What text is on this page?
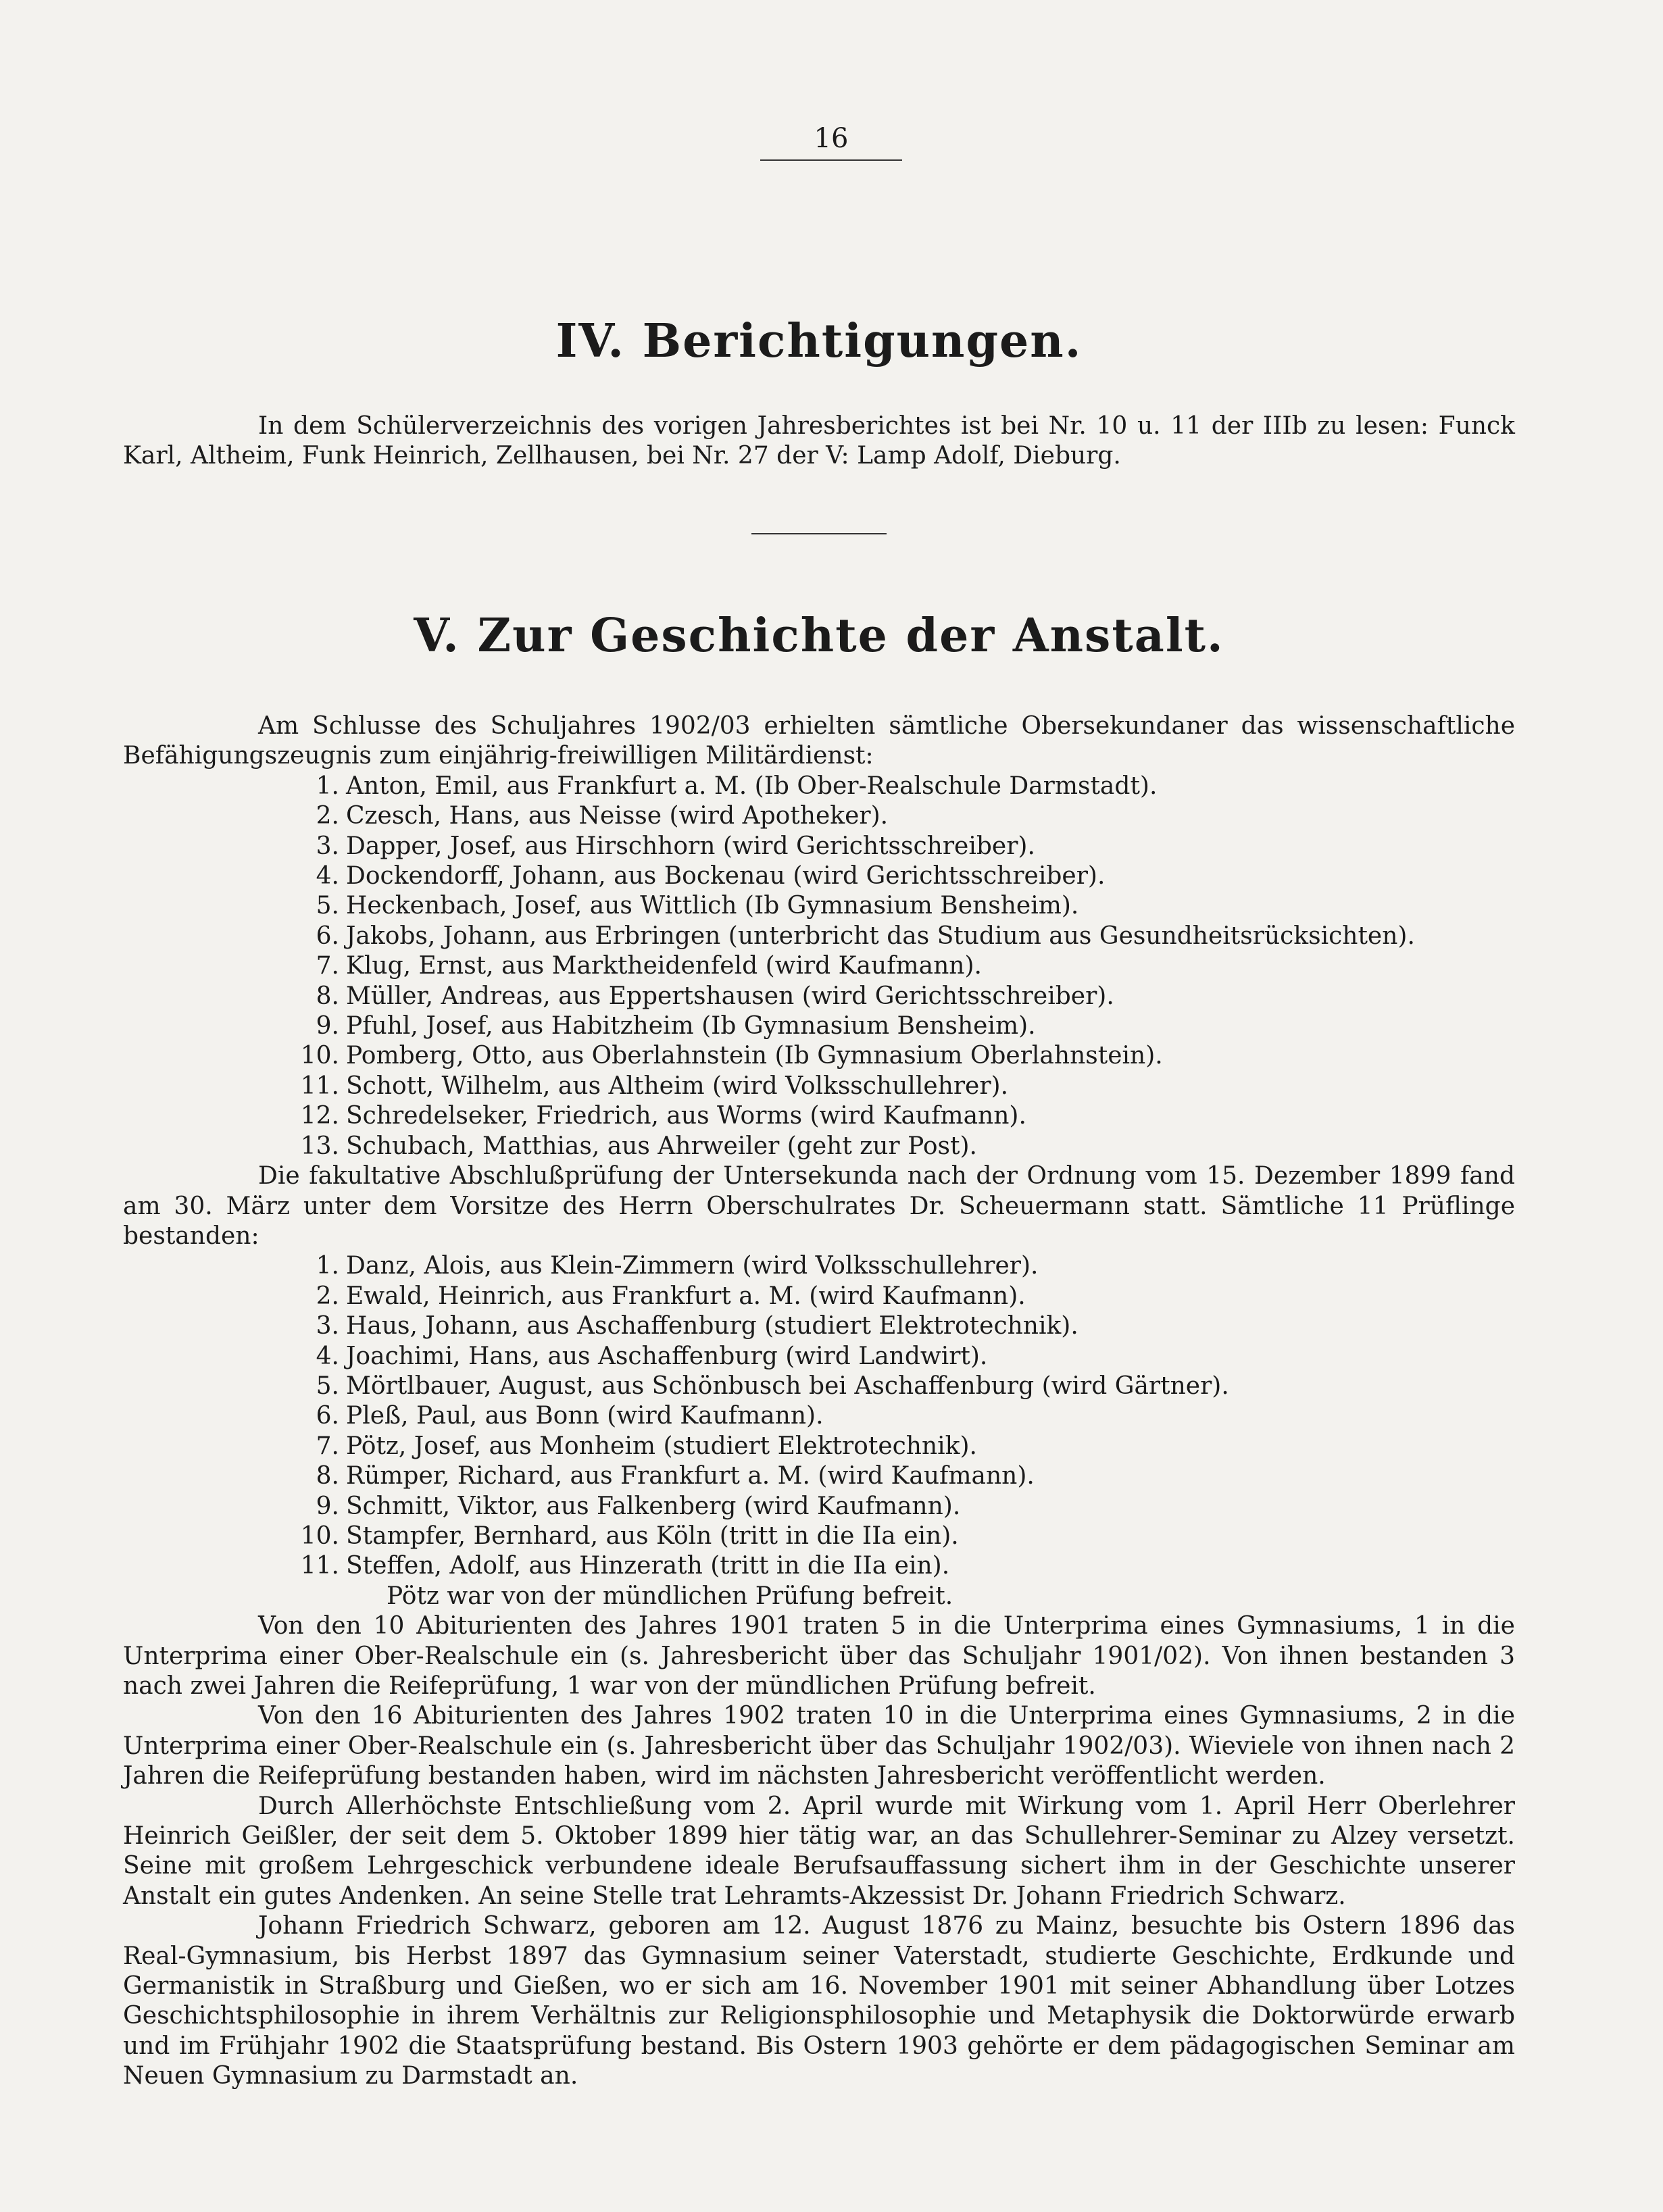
16
IV. Berichtigungen.

In dem Schülerverzeichnis des vorigen Jahresberichtes ist bei Nr. 10 u. 11 der IIIb zu lesen: Funck Karl, Altheim, Funk Heinrich, Zellhausen, bei Nr. 27 der V: Lamp Adolf, Dieburg.

V. Zur Geschichte der Anstalt.

Am Schlusse des Schuljahres 1902/03 erhielten sämtliche Obersekundaner das wissenschaftliche Befähigungszeugnis zum einjährig-freiwilligen Militärdienst:

1. Anton, Emil, aus Frankfurt a. M. (Ib Ober-Realschule Darmstadt).
2. Czesch, Hans, aus Neisse (wird Apotheker).
3. Dapper, Josef, aus Hirschhorn (wird Gerichtsschreiber).
4. Dockendorff, Johann, aus Bockenau (wird Gerichtsschreiber).
5. Heckenbach, Josef, aus Wittlich (Ib Gymnasium Bensheim).
6. Jakobs, Johann, aus Erbringen (unterbricht das Studium aus Gesundheitsrücksichten).
7. Klug, Ernst, aus Marktheidenfeld (wird Kaufmann).
8. Müller, Andreas, aus Eppertshausen (wird Gerichtsschreiber).
9. Pfuhl, Josef, aus Habitzheim (Ib Gymnasium Bensheim).
10. Pomberg, Otto, aus Oberlahnstein (Ib Gymnasium Oberlahnstein).
11. Schott, Wilhelm, aus Altheim (wird Volksschullehrer).
12. Schredelseker, Friedrich, aus Worms (wird Kaufmann).
13. Schubach, Matthias, aus Ahrweiler (geht zur Post).

Die fakultative Abschlußprüfung der Untersekunda nach der Ordnung vom 15. Dezember 1899 fand am 30. März unter dem Vorsitze des Herrn Oberschulrates Dr. Scheuermann statt. Sämtliche 11 Prüflinge bestanden:

1. Danz, Alois, aus Klein-Zimmern (wird Volksschullehrer).
2. Ewald, Heinrich, aus Frankfurt a. M. (wird Kaufmann).
3. Haus, Johann, aus Aschaffenburg (studiert Elektrotechnik).
4. Joachimi, Hans, aus Aschaffenburg (wird Landwirt).
5. Mörtlbauer, August, aus Schönbusch bei Aschaffenburg (wird Gärtner).
6. Pleß, Paul, aus Bonn (wird Kaufmann).
7. Pötz, Josef, aus Monheim (studiert Elektrotechnik).
8. Rümper, Richard, aus Frankfurt a. M. (wird Kaufmann).
9. Schmitt, Viktor, aus Falkenberg (wird Kaufmann).
10. Stampfer, Bernhard, aus Köln (tritt in die IIa ein).
11. Steffen, Adolf, aus Hinzerath (tritt in die IIa ein).
Pötz war von der mündlichen Prüfung befreit.

Von den 10 Abiturienten des Jahres 1901 traten 5 in die Unterprima eines Gymnasiums, 1 in die Unterprima einer Ober-Realschule ein (s. Jahresbericht über das Schuljahr 1901/02). Von ihnen bestanden 3 nach zwei Jahren die Reifeprüfung, 1 war von der mündlichen Prüfung befreit.

Von den 16 Abiturienten des Jahres 1902 traten 10 in die Unterprima eines Gymnasiums, 2 in die Unterprima einer Ober-Realschule ein (s. Jahresbericht über das Schuljahr 1902/03). Wieviele von ihnen nach 2 Jahren die Reifeprüfung bestanden haben, wird im nächsten Jahresbericht veröffentlicht werden.

Durch Allerhöchste Entschließung vom 2. April wurde mit Wirkung vom 1. April Herr Oberlehrer Heinrich Geißler, der seit dem 5. Oktober 1899 hier tätig war, an das Schullehrer-Seminar zu Alzey versetzt. Seine mit großem Lehrgeschick verbundene ideale Berufsauffassung sichert ihm in der Geschichte unserer Anstalt ein gutes Andenken. An seine Stelle trat Lehramts-Akzessist Dr. Johann Friedrich Schwarz.

Johann Friedrich Schwarz, geboren am 12. August 1876 zu Mainz, besuchte bis Ostern 1896 das Real-Gymnasium, bis Herbst 1897 das Gymnasium seiner Vaterstadt, studierte Geschichte, Erdkunde und Germanistik in Straßburg und Gießen, wo er sich am 16. November 1901 mit seiner Abhandlung über Lotzes Geschichtsphilosophie in ihrem Verhältnis zur Religionsphilosophie und Metaphysik die Doktorwürde erwarb und im Frühjahr 1902 die Staatsprüfung bestand. Bis Ostern 1903 gehörte er dem pädagogischen Seminar am Neuen Gymnasium zu Darmstadt an.
